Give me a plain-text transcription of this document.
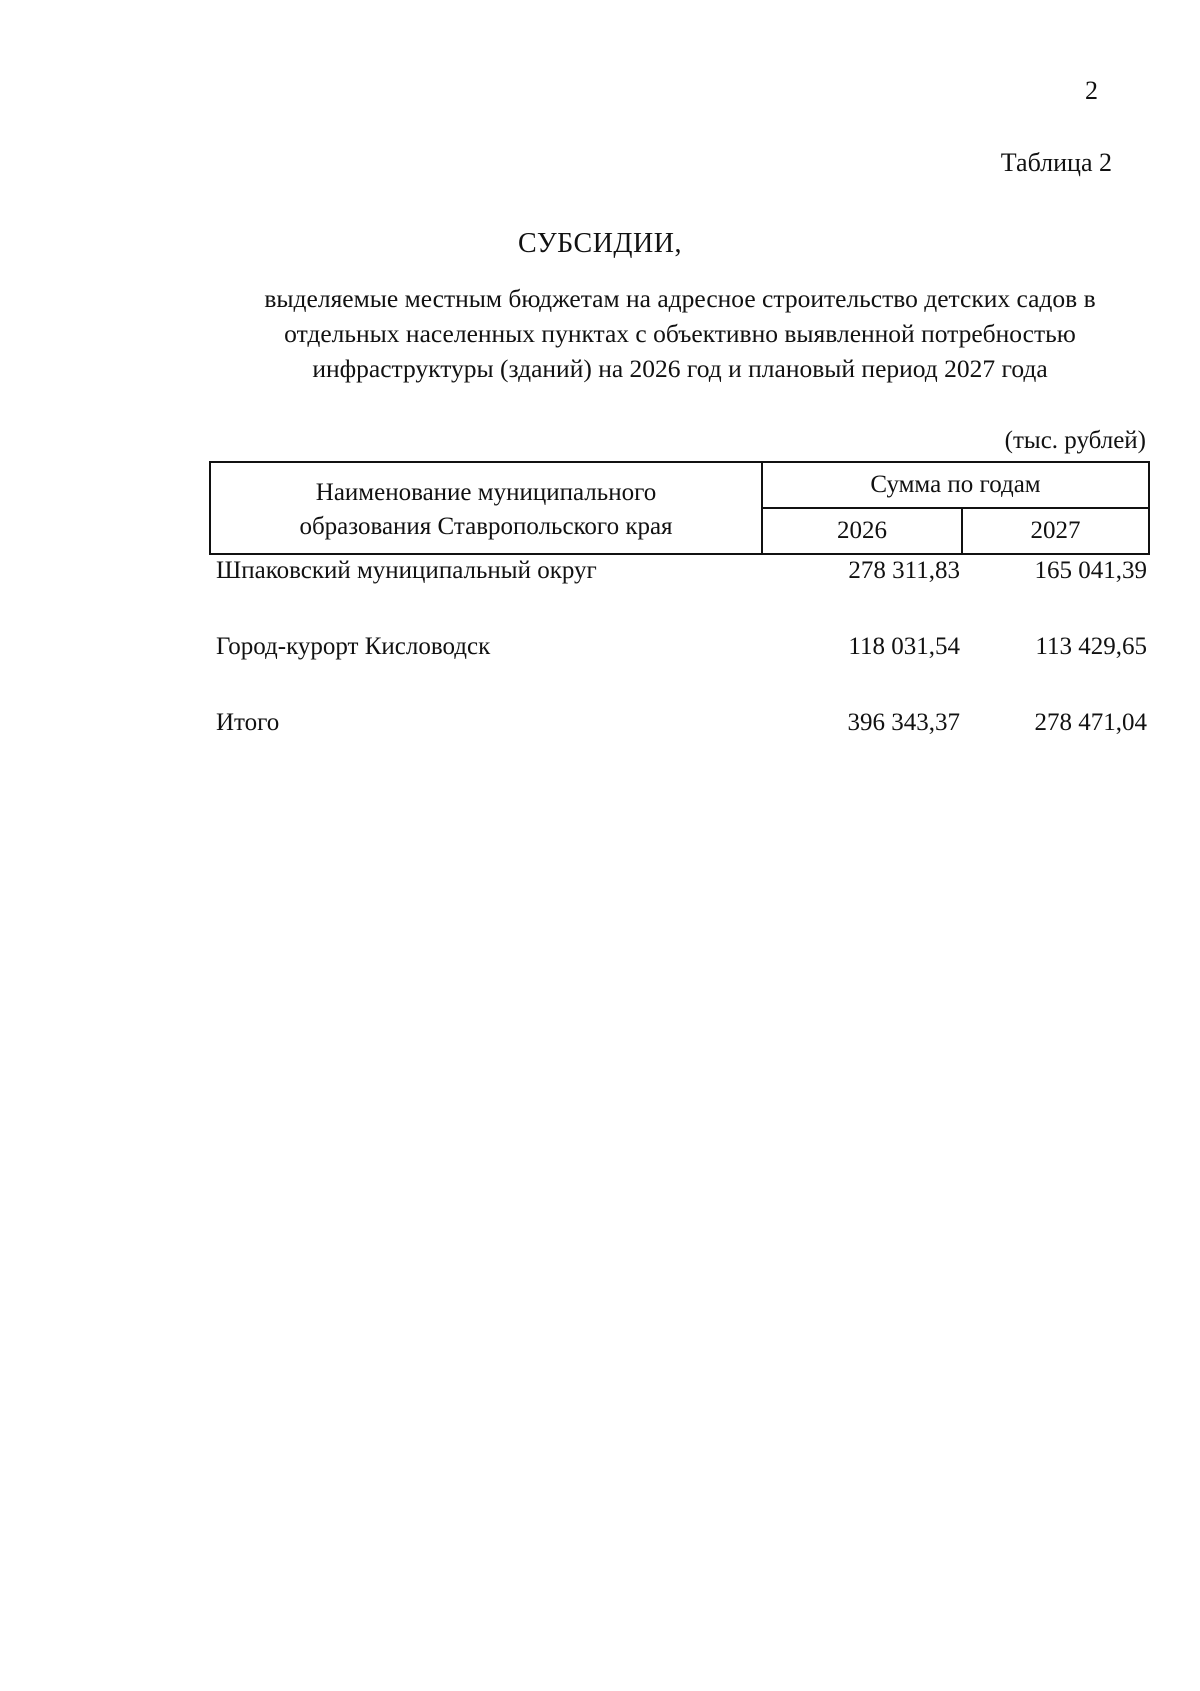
2
Таблица 2
СУБСИДИИ,
выделяемые местным бюджетам на адресное строительство детских садов в
отдельных населенных пунктах с объективно выявленной потребностью
инфраструктуры (зданий) на 2026 год и плановый период 2027 года
(тыс. рублей)
Наименование муниципального
образования Ставропольского края	Сумма по годам	
	2026	2027
Шпаковский муниципальный округ	278 311,83	165 041,39
Город-курорт Кисловодск	118 031,54	113 429,65
Итого	396 343,37	278 471,04
